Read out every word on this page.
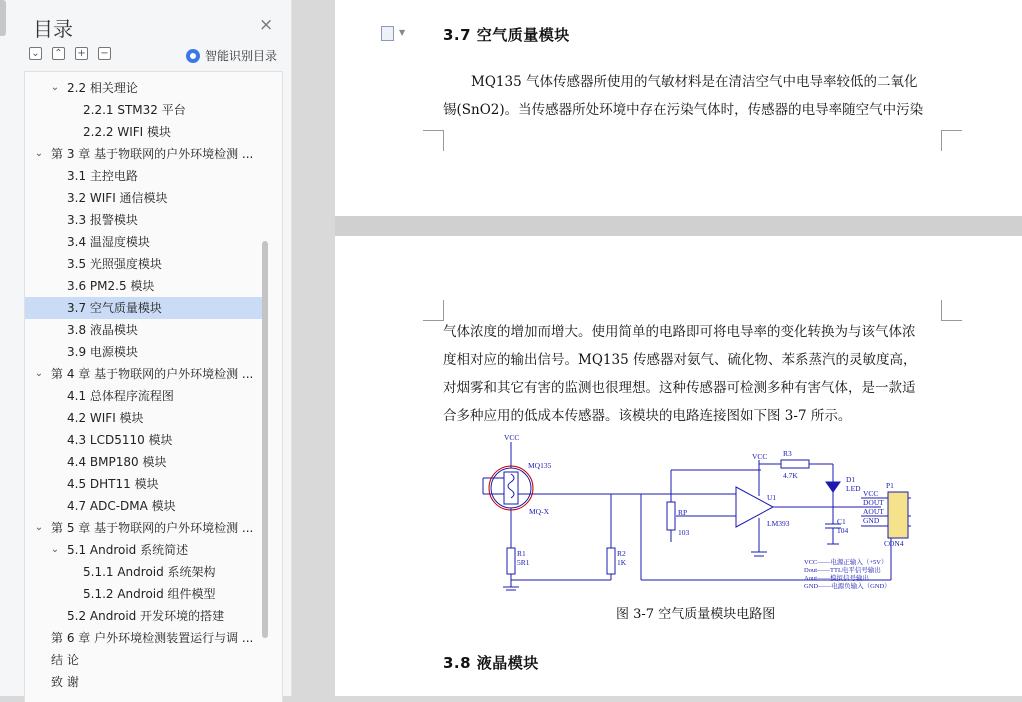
目录	×
⌄ ⌃ + −	智能识别目录
⌄ 2.2 相关理论
2.2.1 STM32 平台
2.2.2 WIFI 模块
⌄ 第 3 章 基于物联网的户外环境检测 ...
3.1 主控电路
3.2 WIFI 通信模块
3.3 报警模块
3.4 温湿度模块
3.5 光照强度模块
3.6 PM2.5 模块
3.7 空气质量模块
3.8 液晶模块
3.9 电源模块
⌄ 第 4 章 基于物联网的户外环境检测 ...
4.1 总体程序流程图
4.2 WIFI 模块
4.3 LCD5110 模块
4.4 BMP180 模块
4.5 DHT11 模块
4.7 ADC-DMA 模块
⌄ 第 5 章 基于物联网的户外环境检测 ...
⌄ 5.1 Android 系统简述
5.1.1 Android 系统架构
5.1.2 Android 组件模型
5.2 Android 开发环境的搭建
第 6 章 户外环境检测装置运行与调 ...
结 论
致 谢
▼	3.7 空气质量模块
MQ135 气体传感器所使用的气敏材料是在清洁空气中电导率较低的二氧化
锡(SnO2)。当传感器所处环境中存在污染气体时，传感器的电导率随空气中污染
气体浓度的增加而增大。使用简单的电路即可将电导率的变化转换为与该气体浓
度相对应的输出信号。MQ135 传感器对氨气、硫化物、苯系蒸汽的灵敏度高，
对烟雾和其它有害的监测也很理想。这种传感器可检测多种有害气体，是一款适
合多种应用的低成本传感器。该模块的电路连接图如下图 3-7 所示。
VCC
MQ135
MQ-X
R1
5R1
R2
1K
RP
103
VCC R3
4.7K	D1
LED
U1
LM393	C1
104
P1
CON4
VCC
DOUT
AOUT
GND
VCC——电源正输入（+5V）
Dout——TTL电平信号输出
Aout——模拟信号输出
GND——电源负输入（GND）
图 3-7 空气质量模块电路图
3.8 液晶模块
